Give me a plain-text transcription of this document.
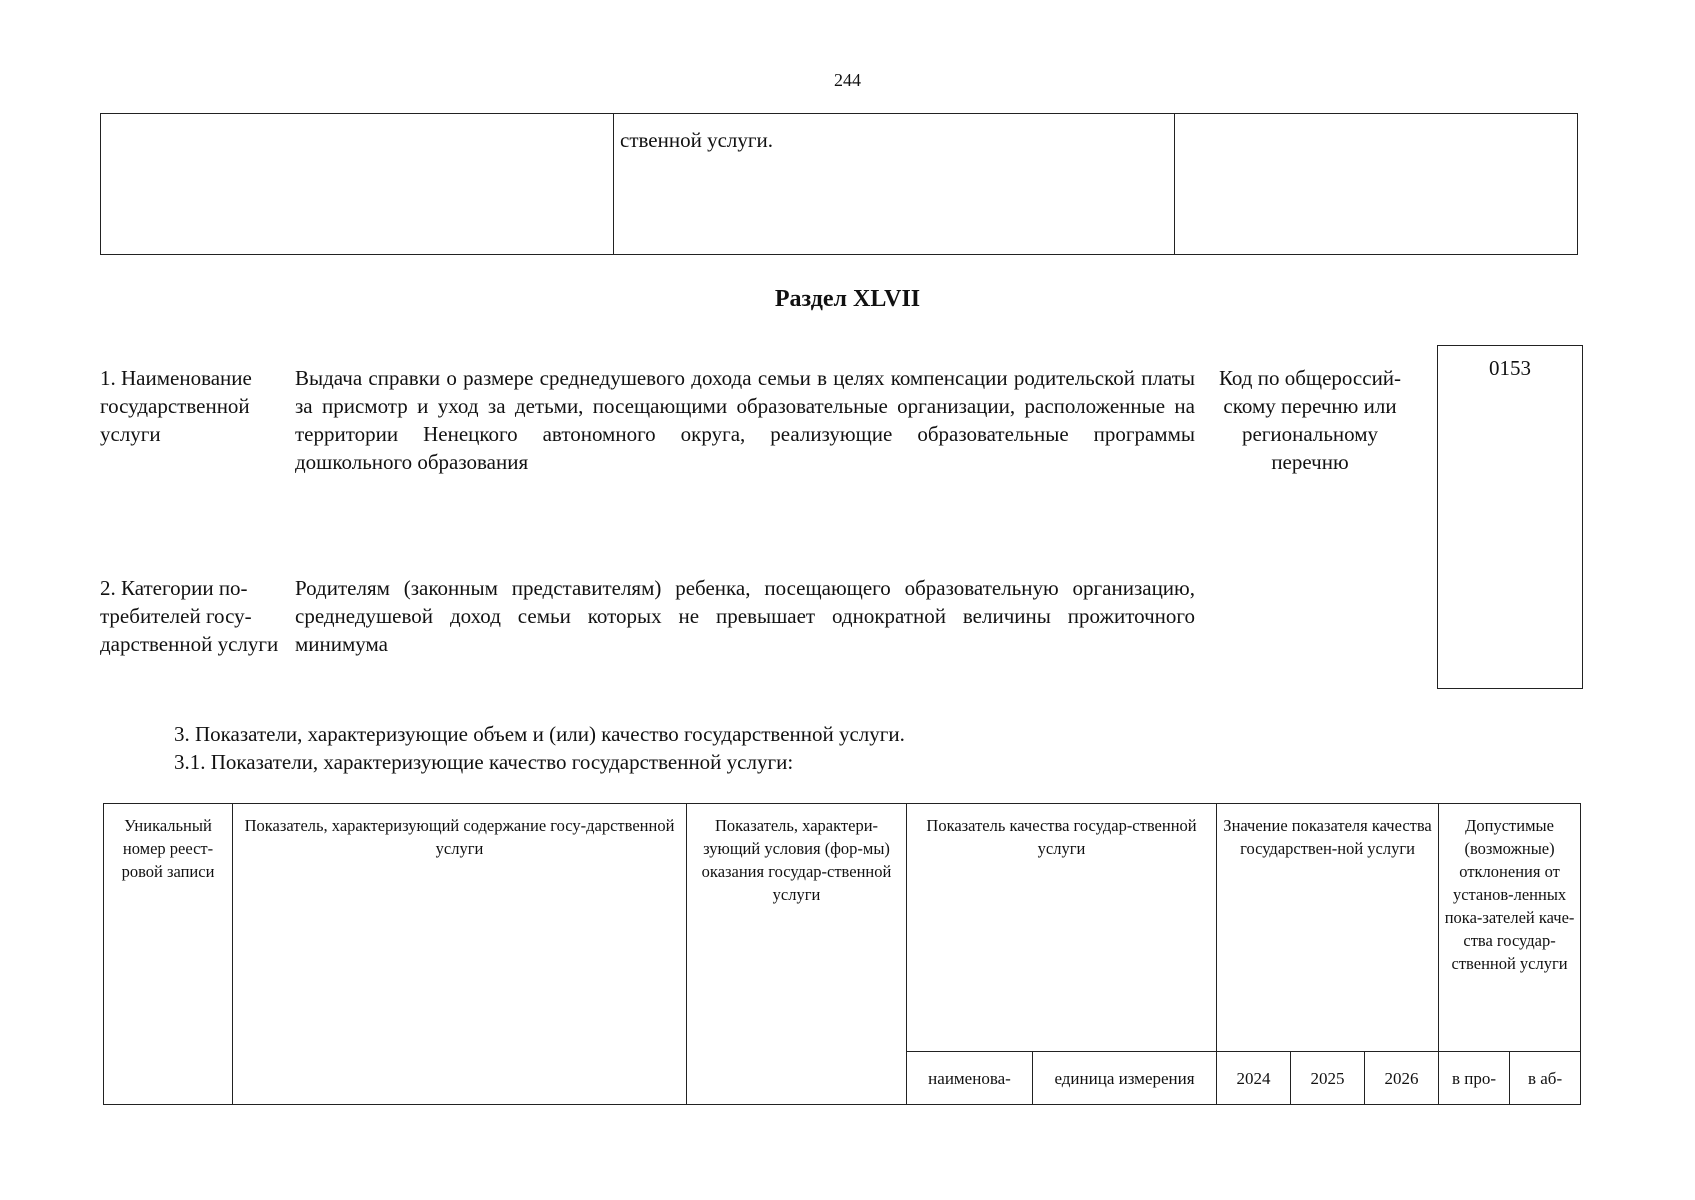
244
	ственной услуги.	
Раздел XLVII
1. Наименование государственной услуги
Выдача справки о размере среднедушевого дохода семьи в целях компенсации родительской платы за присмотр и уход за детьми, посещающими образовательные организации, расположенные на территории Ненецкого автономного округа, реализующие образовательные программы дошкольного образования
Код по общероссий-скому перечню или региональному перечню
0153
2. Категории по-требителей госу-дарственной услуги
Родителям (законным представителям) ребенка, посещающего образовательную организацию, среднедушевой доход семьи которых не превышает однократной величины прожиточного минимума
3. Показатели, характеризующие объем и (или) качество государственной услуги.
3.1. Показатели, характеризующие качество государственной услуги:
Уникальный номер реест-ровой записи	Показатель, характеризующий содержание госу-дарственной услуги	Показатель, характери-зующий условия (фор-мы) оказания государ-ственной услуги	Показатель качества государ-ственной услуги		Значение показателя качества государствен-ной услуги			Допустимые (возможные) отклонения от установ-ленных пока-зателей каче-ства государ-ственной услуги	
			наименова-	единица измерения	2024	2025	2026	в про-	в аб-
